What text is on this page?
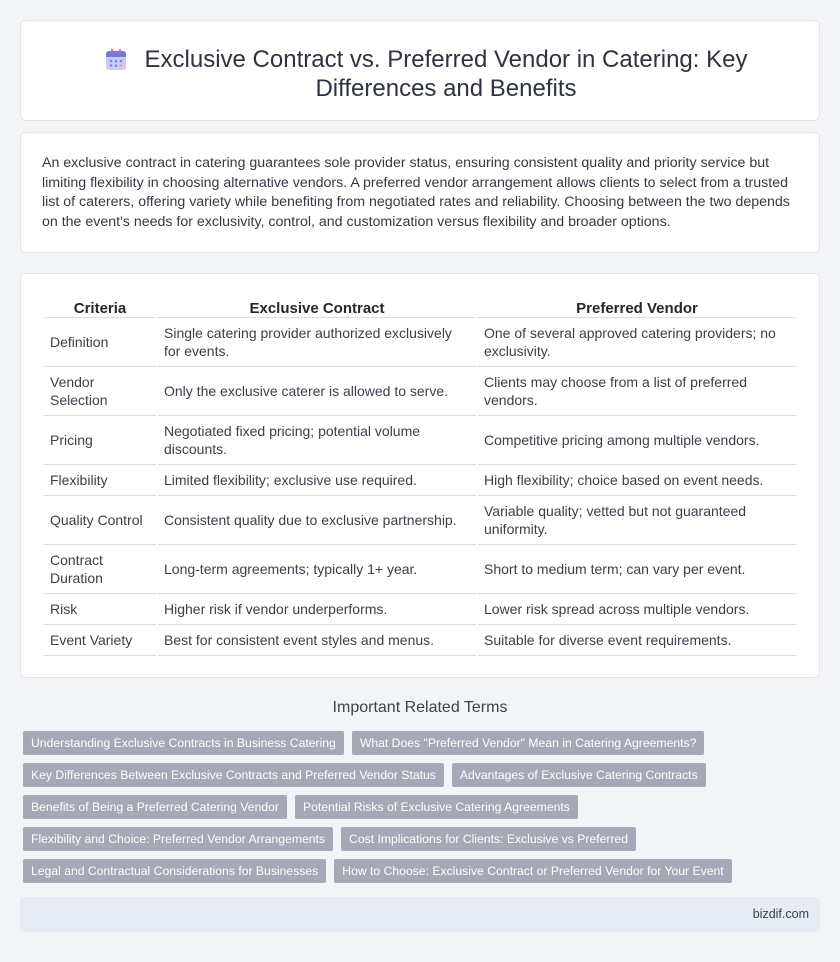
Exclusive Contract vs. Preferred Vendor in Catering: Key Differences and Benefits

An exclusive contract in catering guarantees sole provider status, ensuring consistent quality and priority service but limiting flexibility in choosing alternative vendors. A preferred vendor arrangement allows clients to select from a trusted list of caterers, offering variety while benefiting from negotiated rates and reliability. Choosing between the two depends on the event's needs for exclusivity, control, and customization versus flexibility and broader options.

Criteria	Exclusive Contract	Preferred Vendor
Definition	Single catering provider authorized exclusively for events.	One of several approved catering providers; no exclusivity.
Vendor Selection	Only the exclusive caterer is allowed to serve.	Clients may choose from a list of preferred vendors.
Pricing	Negotiated fixed pricing; potential volume discounts.	Competitive pricing among multiple vendors.
Flexibility	Limited flexibility; exclusive use required.	High flexibility; choice based on event needs.
Quality Control	Consistent quality due to exclusive partnership.	Variable quality; vetted but not guaranteed uniformity.
Contract Duration	Long-term agreements; typically 1+ year.	Short to medium term; can vary per event.
Risk	Higher risk if vendor underperforms.	Lower risk spread across multiple vendors.
Event Variety	Best for consistent event styles and menus.	Suitable for diverse event requirements.
Important Related Terms
Understanding Exclusive Contracts in Business Catering	What Does "Preferred Vendor" Mean in Catering Agreements?
Key Differences Between Exclusive Contracts and Preferred Vendor Status	Advantages of Exclusive Catering Contracts
Benefits of Being a Preferred Catering Vendor	Potential Risks of Exclusive Catering Agreements
Flexibility and Choice: Preferred Vendor Arrangements	Cost Implications for Clients: Exclusive vs Preferred
Legal and Contractual Considerations for Businesses	How to Choose: Exclusive Contract or Preferred Vendor for Your Event
bizdif.com
